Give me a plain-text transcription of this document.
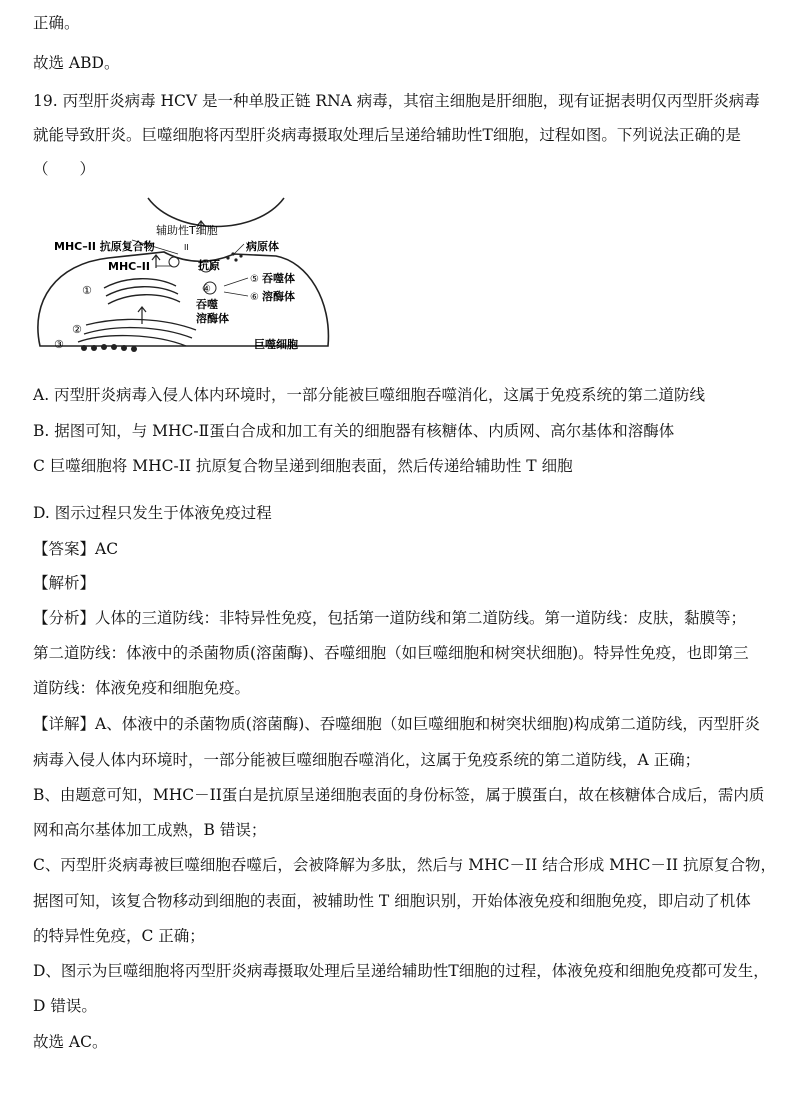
正确。
故选 ABD。
19. 丙型肝炎病毒 HCV 是一种单股正链 RNA 病毒，其宿主细胞是肝细胞，现有证据表明仅丙型肝炎病毒
就能导致肝炎。巨噬细胞将丙型肝炎病毒摄取处理后呈递给辅助性T细胞，过程如图。下列说法正确的是
（　　）
辅助性T细胞
II
MHC–II 抗原复合物	病原体
MHC–II	抗原
④
⑤ 吞噬体
⑥ 溶酶体
吞噬
溶酶体
①
②
③	巨噬细胞
A. 丙型肝炎病毒入侵人体内环境时，一部分能被巨噬细胞吞噬消化，这属于免疫系统的第二道防线
B. 据图可知，与 MHC-Ⅱ蛋白合成和加工有关的细胞器有核糖体、内质网、高尔基体和溶酶体
C 巨噬细胞将 MHC-II 抗原复合物呈递到细胞表面，然后传递给辅助性 T 细胞
D. 图示过程只发生于体液免疫过程
【答案】AC
【解析】
【分析】人体的三道防线：非特异性免疫，包括第一道防线和第二道防线。第一道防线：皮肤，黏膜等；
第二道防线：体液中的杀菌物质(溶菌酶)、吞噬细胞（如巨噬细胞和树突状细胞)。特异性免疫，也即第三
道防线：体液免疫和细胞免疫。
【详解】A、体液中的杀菌物质(溶菌酶)、吞噬细胞（如巨噬细胞和树突状细胞)构成第二道防线，丙型肝炎
病毒入侵人体内环境时，一部分能被巨噬细胞吞噬消化，这属于免疫系统的第二道防线，A 正确；
B、由题意可知，MHC－II蛋白是抗原呈递细胞表面的身份标签，属于膜蛋白，故在核糖体合成后，需内质
网和高尔基体加工成熟，B 错误；
C、丙型肝炎病毒被巨噬细胞吞噬后，会被降解为多肽，然后与 MHC－II 结合形成 MHC－II 抗原复合物，
据图可知，该复合物移动到细胞的表面，被辅助性 T 细胞识别，开始体液免疫和细胞免疫，即启动了机体
的特异性免疫，C 正确；
D、图示为巨噬细胞将丙型肝炎病毒摄取处理后呈递给辅助性T细胞的过程，体液免疫和细胞免疫都可发生，
D 错误。
故选 AC。
